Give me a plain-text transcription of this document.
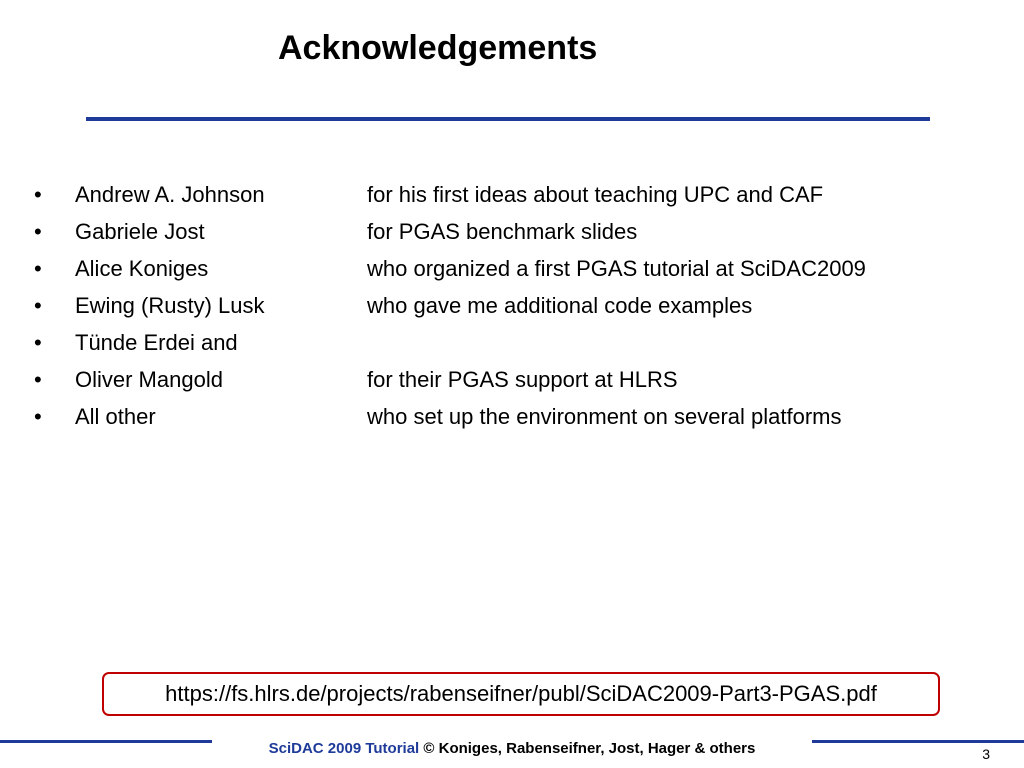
Acknowledgements
• Andrew A. Johnson	for his first ideas about teaching UPC and CAF
• Gabriele Jost	for PGAS benchmark slides
• Alice Koniges	who organized a first PGAS tutorial at SciDAC2009
• Ewing (Rusty) Lusk	who gave me additional code examples
• Tünde Erdei and
• Oliver Mangold	for their PGAS support at HLRS
• All other	who set up the environment on several platforms
https://fs.hlrs.de/projects/rabenseifner/publ/SciDAC2009-Part3-PGAS.pdf
SciDAC 2009 Tutorial © Koniges, Rabenseifner, Jost, Hager & others	3
